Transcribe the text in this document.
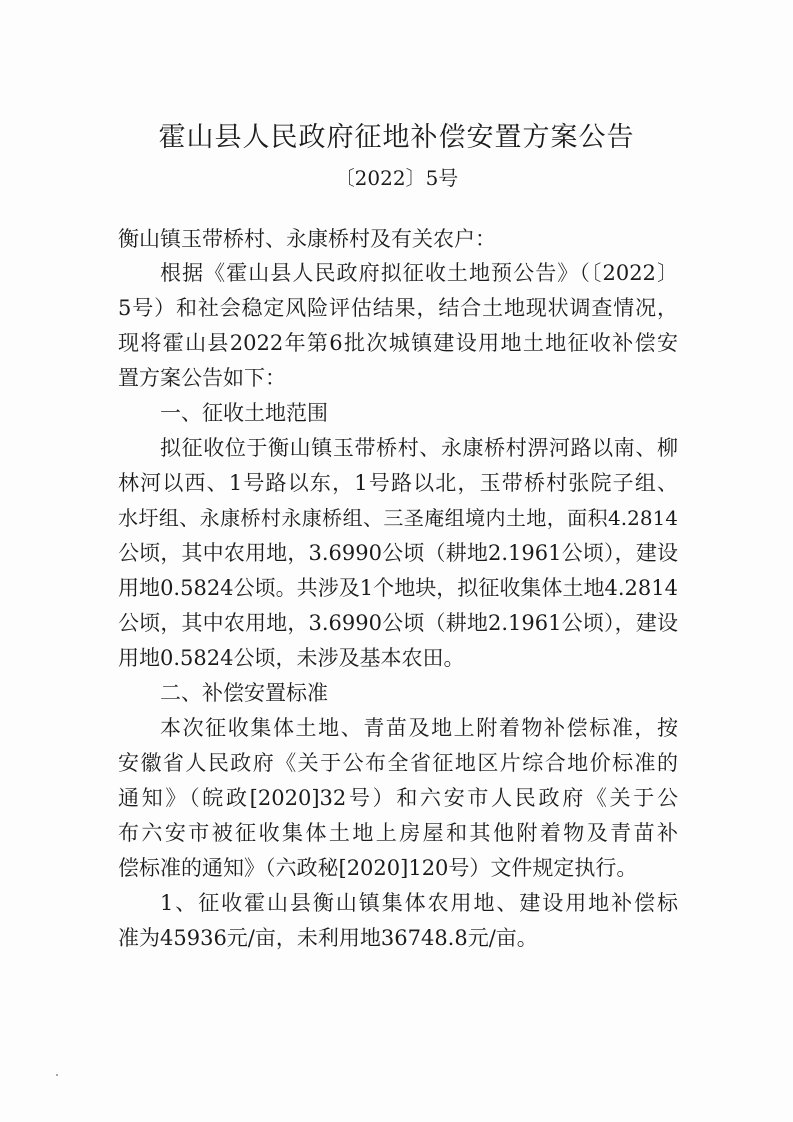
霍山县人民政府征地补偿安置方案公告
〔2022〕5号
衡山镇玉带桥村、永康桥村及有关农户：
根据《霍山县人民政府拟征收土地预公告》（〔2022〕
5号）和社会稳定风险评估结果，结合土地现状调查情况，
现将霍山县2022年第6批次城镇建设用地土地征收补偿安
置方案公告如下：
一、征收土地范围
拟征收位于衡山镇玉带桥村、永康桥村淠河路以南、柳
林河以西、1号路以东，1号路以北，玉带桥村张院子组、
水圩组、永康桥村永康桥组、三圣庵组境内土地，面积4.2814
公顷，其中农用地，3.6990公顷（耕地2.1961公顷），建设
用地0.5824公顷。共涉及1个地块，拟征收集体土地4.2814
公顷，其中农用地，3.6990公顷（耕地2.1961公顷），建设
用地0.5824公顷，未涉及基本农田。
二、补偿安置标准
本次征收集体土地、青苗及地上附着物补偿标准，按
安徽省人民政府《关于公布全省征地区片综合地价标准的
通知》（皖政[2020]32号）和六安市人民政府《关于公
布六安市被征收集体土地上房屋和其他附着物及青苗补
偿标准的通知》（六政秘[2020]120号）文件规定执行。
1、征收霍山县衡山镇集体农用地、建设用地补偿标
准为45936元/亩，未利用地36748.8元/亩。
